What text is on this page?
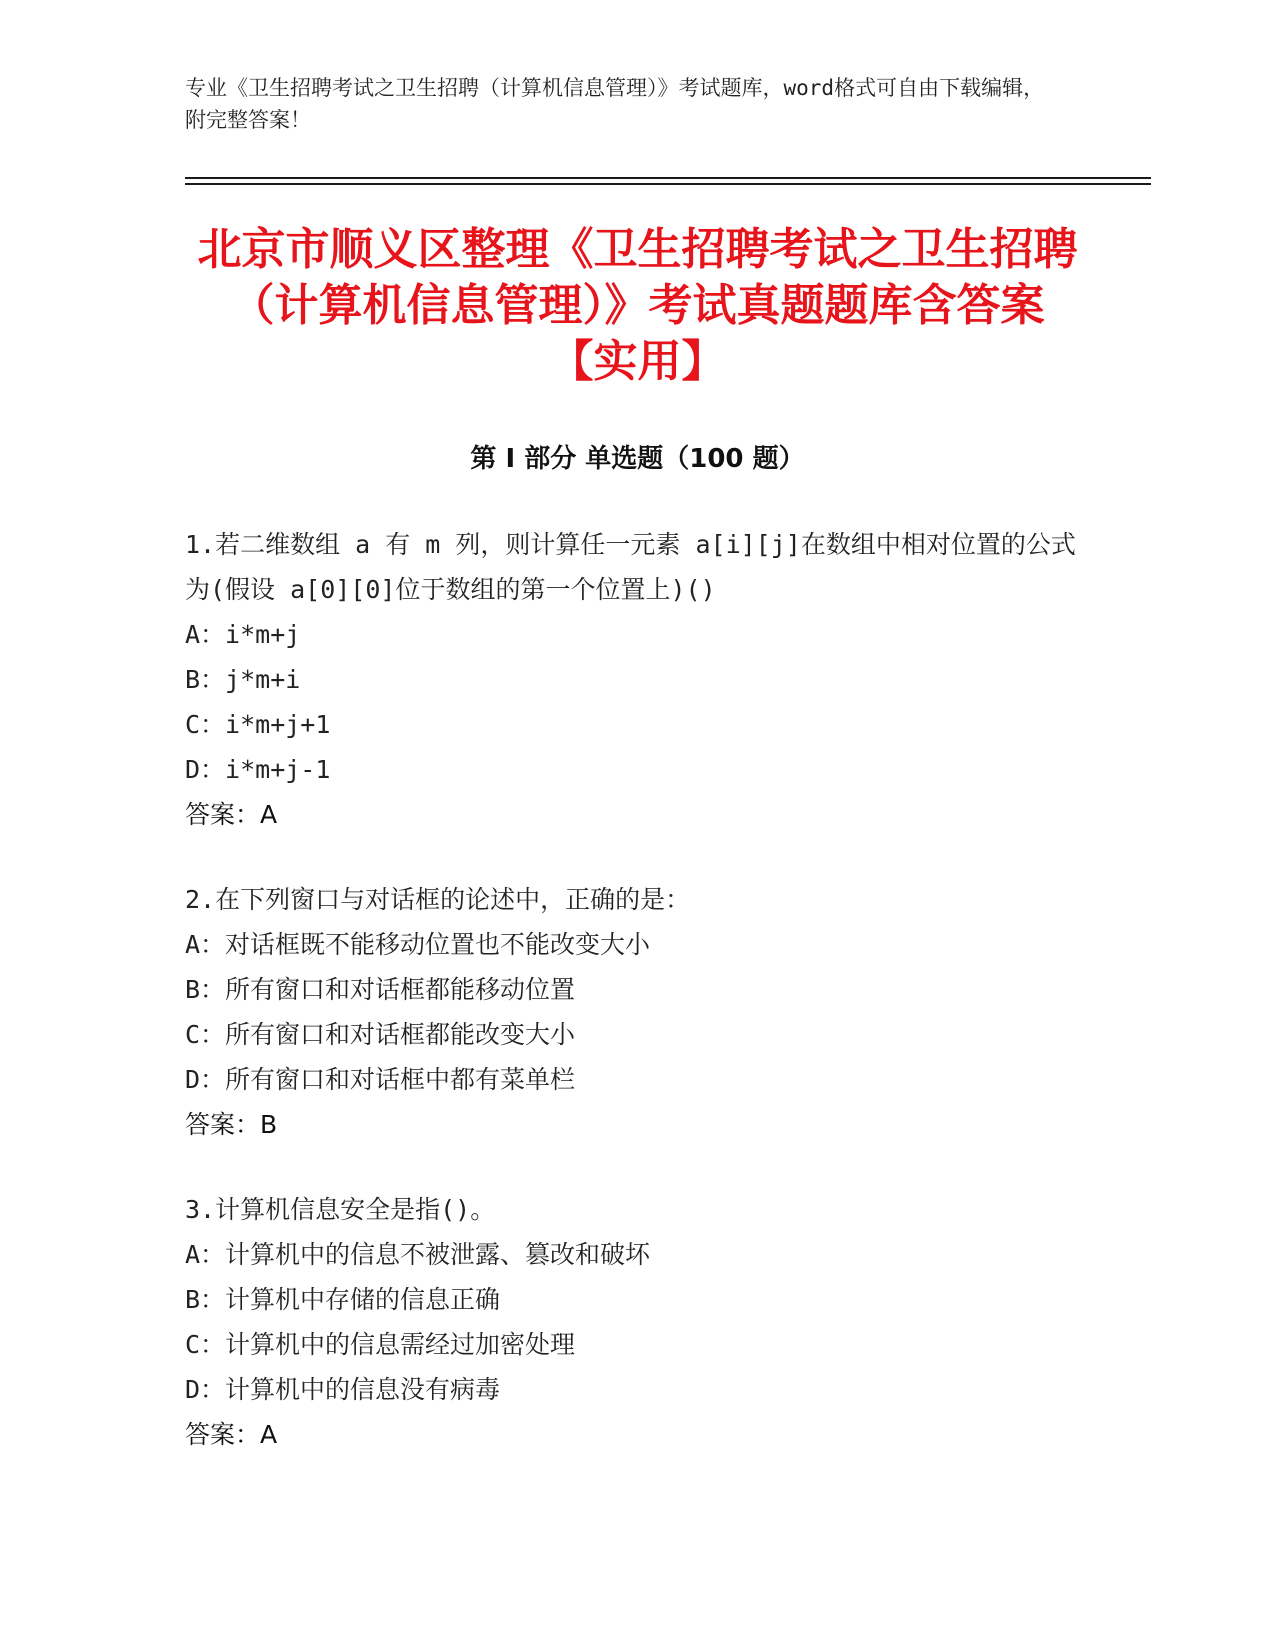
专业《卫生招聘考试之卫生招聘（计算机信息管理）》考试题库，word格式可自由下载编辑，附完整答案！
北京市顺义区整理《卫生招聘考试之卫生招聘（计算机信息管理）》考试真题题库含答案【实用】
第 I 部分 单选题（100 题）
1.若二维数组 a 有 m 列，则计算任一元素 a[i][j]在数组中相对位置的公式为(假设 a[0][0]位于数组的第一个位置上)()
A：i*m+j
B：j*m+i
C：i*m+j+1
D：i*m+j-1
答案：A
2.在下列窗口与对话框的论述中，正确的是：
A：对话框既不能移动位置也不能改变大小
B：所有窗口和对话框都能移动位置
C：所有窗口和对话框都能改变大小
D：所有窗口和对话框中都有菜单栏
答案：B
3.计算机信息安全是指()。
A：计算机中的信息不被泄露、篡改和破坏
B：计算机中存储的信息正确
C：计算机中的信息需经过加密处理
D：计算机中的信息没有病毒
答案：A
